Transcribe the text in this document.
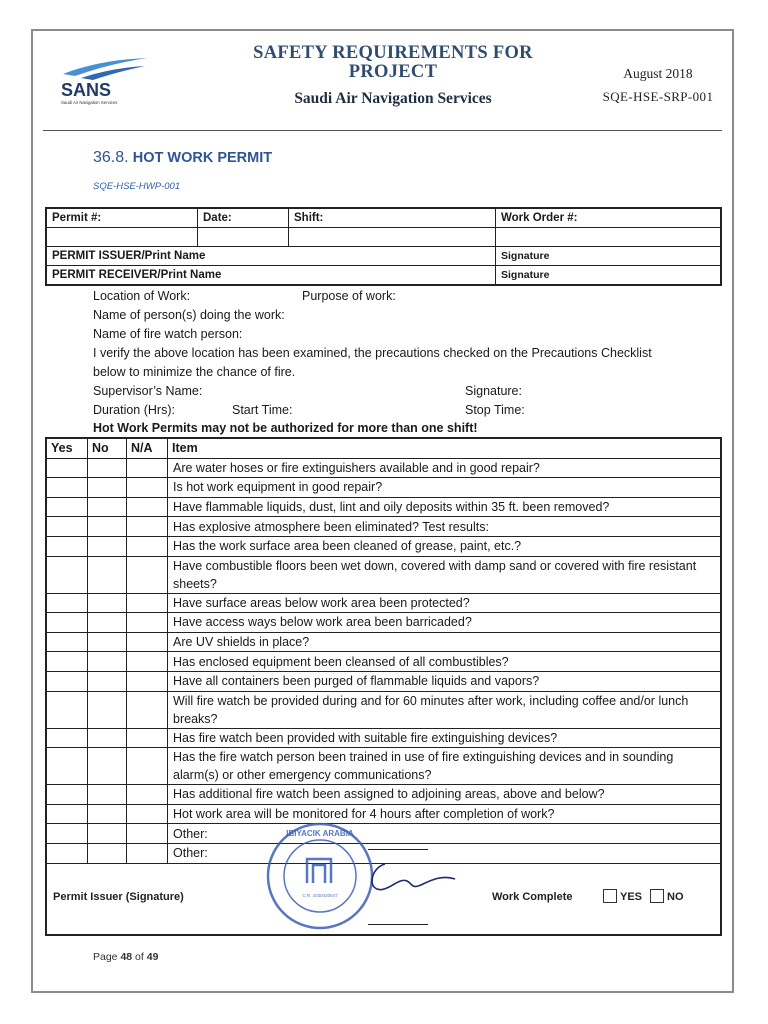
SANS
Saudi Air Navigation Services
SAFETY REQUIREMENTS FOR
PROJECT
Saudi Air Navigation Services
August 2018
SQE-HSE-SRP-001
36.8. HOT WORK PERMIT
SQE-HSE-HWP-001
Permit #:	Date:	Shift:	Work Order #:

PERMIT ISSUER/Print Name			Signature
PERMIT RECEIVER/Print Name			Signature
Location of Work:	Purpose of work:
Name of person(s) doing the work:
Name of fire watch person:
I verify the above location has been examined, the precautions checked on the Precautions Checklist
below to minimize the chance of fire.
Supervisor’s Name:	Signature:
Duration (Hrs):	Start Time:	Stop Time:
Hot Work Permits may not be authorized for more than one shift!
Yes	No	N/A	Item
			Are water hoses or fire extinguishers available and in good repair?
			Is hot work equipment in good repair?
			Have flammable liquids, dust, lint and oily deposits within 35 ft. been removed?
			Has explosive atmosphere been eliminated? Test results:
			Has the work surface area been cleaned of grease, paint, etc.?
			Have combustible floors been wet down, covered with damp sand or covered with fire resistant sheets?
			Have surface areas below work area been protected?
			Have access ways below work area been barricaded?
			Are UV shields in place?
			Has enclosed equipment been cleansed of all combustibles?
			Have all containers been purged of flammable liquids and vapors?
			Will fire watch be provided during and for 60 minutes after work, including coffee and/or lunch breaks?
			Has fire watch been provided with suitable fire extinguishing devices?
			Has the fire watch person been trained in use of fire extinguishing devices and in sounding alarm(s) or other emergency communications?
			Has additional fire watch been assigned to adjoining areas, above and below?
			Hot work area will be monitored for 4 hours after completion of work?
			Other:
			Other:

Permit Issuer (Signature)	Work Complete	YES NO
IBIYACIK ARABIA
C.R. 4030430547
Page 48 of 49
